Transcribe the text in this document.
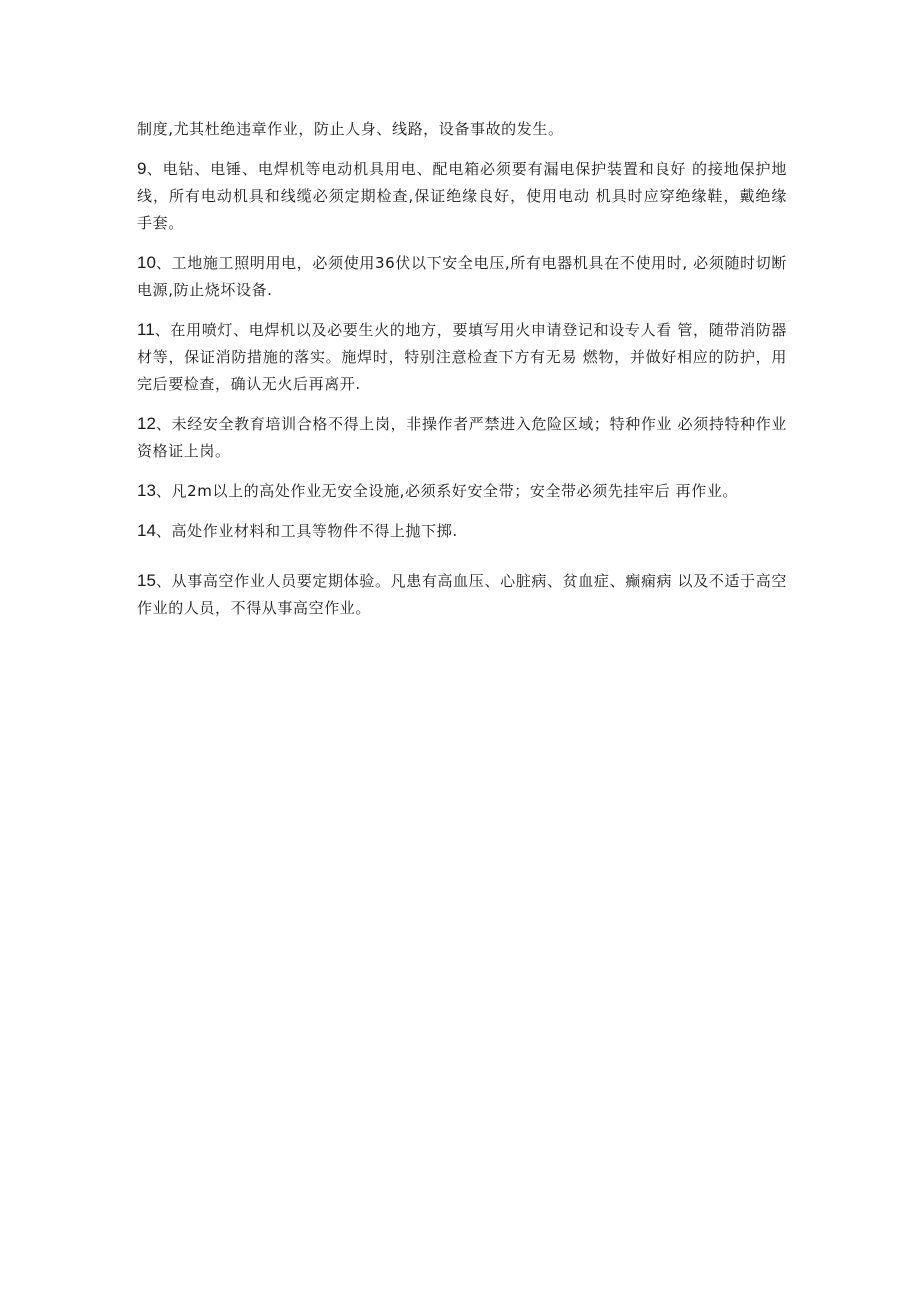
制度,尤其杜绝违章作业，防止人身、线路，设备事故的发生。

9、电钻、电锤、电焊机等电动机具用电、配电箱必须要有漏电保护装置和良好 的接地保护地线，所有电动机具和线缆必须定期检查,保证绝缘良好，使用电动 机具时应穿绝缘鞋，戴绝缘手套。

10、工地施工照明用电，必须使用36伏以下安全电压,所有电器机具在不使用时, 必须随时切断电源,防止烧坏设备.

11、在用喷灯、电焊机以及必要生火的地方，要填写用火申请登记和设专人看 管，随带消防器材等，保证消防措施的落实。施焊时，特别注意检查下方有无易 燃物，并做好相应的防护，用完后要检查，确认无火后再离开.

12、未经安全教育培训合格不得上岗，非操作者严禁进入危险区域；特种作业 必须持特种作业资格证上岗。

13、凡2m以上的高处作业无安全设施,必须系好安全带；安全带必须先挂牢后 再作业。

14、高处作业材料和工具等物件不得上抛下掷.

15、从事高空作业人员要定期体验。凡患有高血压、心脏病、贫血症、癫痫病 以及不适于高空作业的人员，不得从事高空作业。
